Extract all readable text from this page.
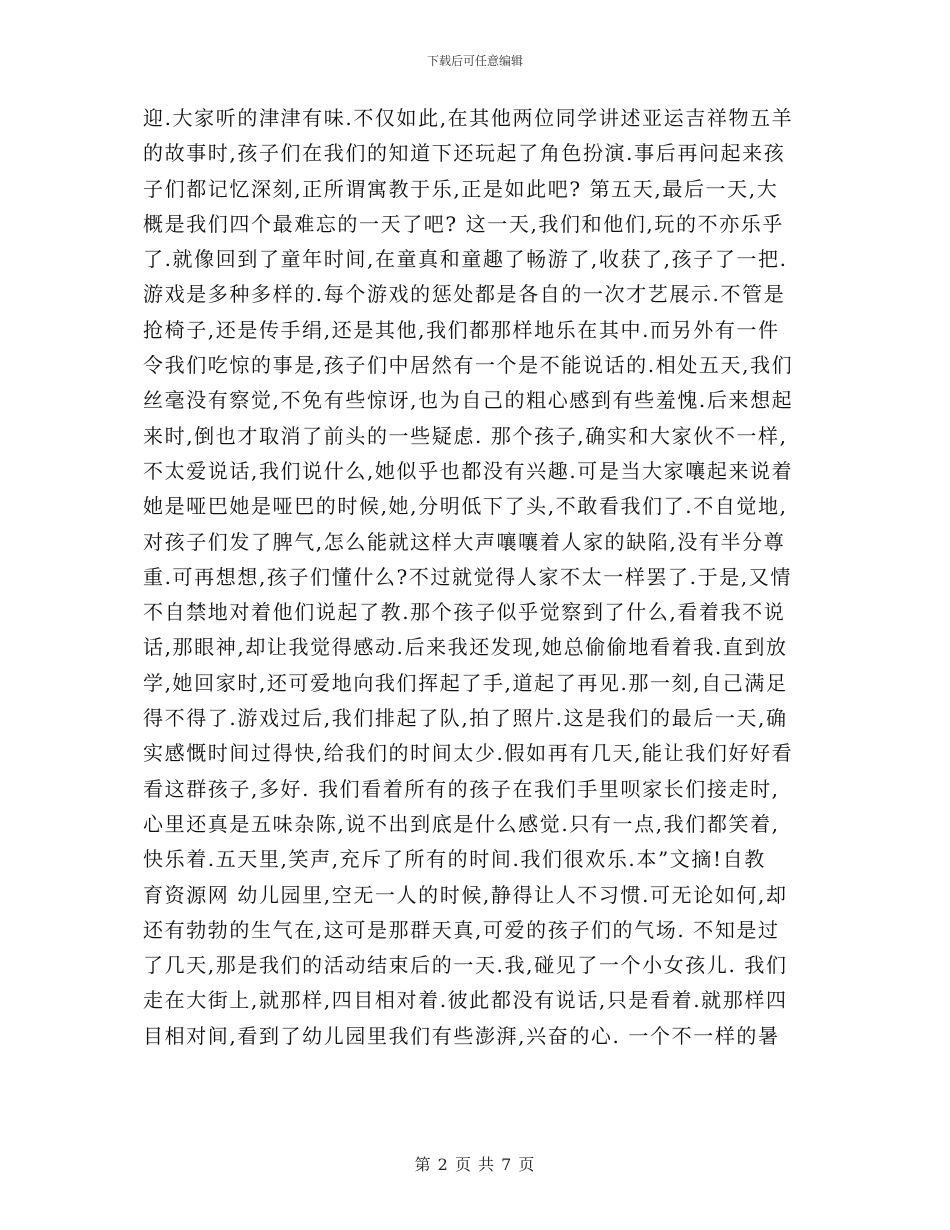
下载后可任意编辑
迎.大家听的津津有味.不仅如此,在其他两位同学讲述亚运吉祥物五羊
的故事时,孩子们在我们的知道下还玩起了角色扮演.事后再问起来孩
子们都记忆深刻,正所谓寓教于乐,正是如此吧? 第五天,最后一天,大
概是我们四个最难忘的一天了吧? 这一天,我们和他们,玩的不亦乐乎
了.就像回到了童年时间,在童真和童趣了畅游了,收获了,孩子了一把.
游戏是多种多样的.每个游戏的惩处都是各自的一次才艺展示.不管是
抢椅子,还是传手绢,还是其他,我们都那样地乐在其中.而另外有一件
令我们吃惊的事是,孩子们中居然有一个是不能说话的.相处五天,我们
丝毫没有察觉,不免有些惊讶,也为自己的粗心感到有些羞愧.后来想起
来时,倒也才取消了前头的一些疑虑. 那个孩子,确实和大家伙不一样,
不太爱说话,我们说什么,她似乎也都没有兴趣.可是当大家嚷起来说着
她是哑巴她是哑巴的时候,她,分明低下了头,不敢看我们了.不自觉地,
对孩子们发了脾气,怎么能就这样大声嚷嚷着人家的缺陷,没有半分尊
重.可再想想,孩子们懂什么?不过就觉得人家不太一样罢了.于是,又情
不自禁地对着他们说起了教.那个孩子似乎觉察到了什么,看着我不说
话,那眼神,却让我觉得感动.后来我还发现,她总偷偷地看着我.直到放
学,她回家时,还可爱地向我们挥起了手,道起了再见.那一刻,自己满足
得不得了.游戏过后,我们排起了队,拍了照片.这是我们的最后一天,确
实感慨时间过得快,给我们的时间太少.假如再有几天,能让我们好好看
看这群孩子,多好. 我们看着所有的孩子在我们手里呗家长们接走时,
心里还真是五味杂陈,说不出到底是什么感觉.只有一点,我们都笑着,
快乐着.五天里,笑声,充斥了所有的时间.我们很欢乐.本”文摘!自教
育资源网 幼儿园里,空无一人的时候,静得让人不习惯.可无论如何,却
还有勃勃的生气在,这可是那群天真,可爱的孩子们的气场. 不知是过
了几天,那是我们的活动结束后的一天.我,碰见了一个小女孩儿. 我们
走在大街上,就那样,四目相对着.彼此都没有说话,只是看着.就那样四
目相对间,看到了幼儿园里我们有些澎湃,兴奋的心. 一个不一样的暑
第 2 页 共 7 页
